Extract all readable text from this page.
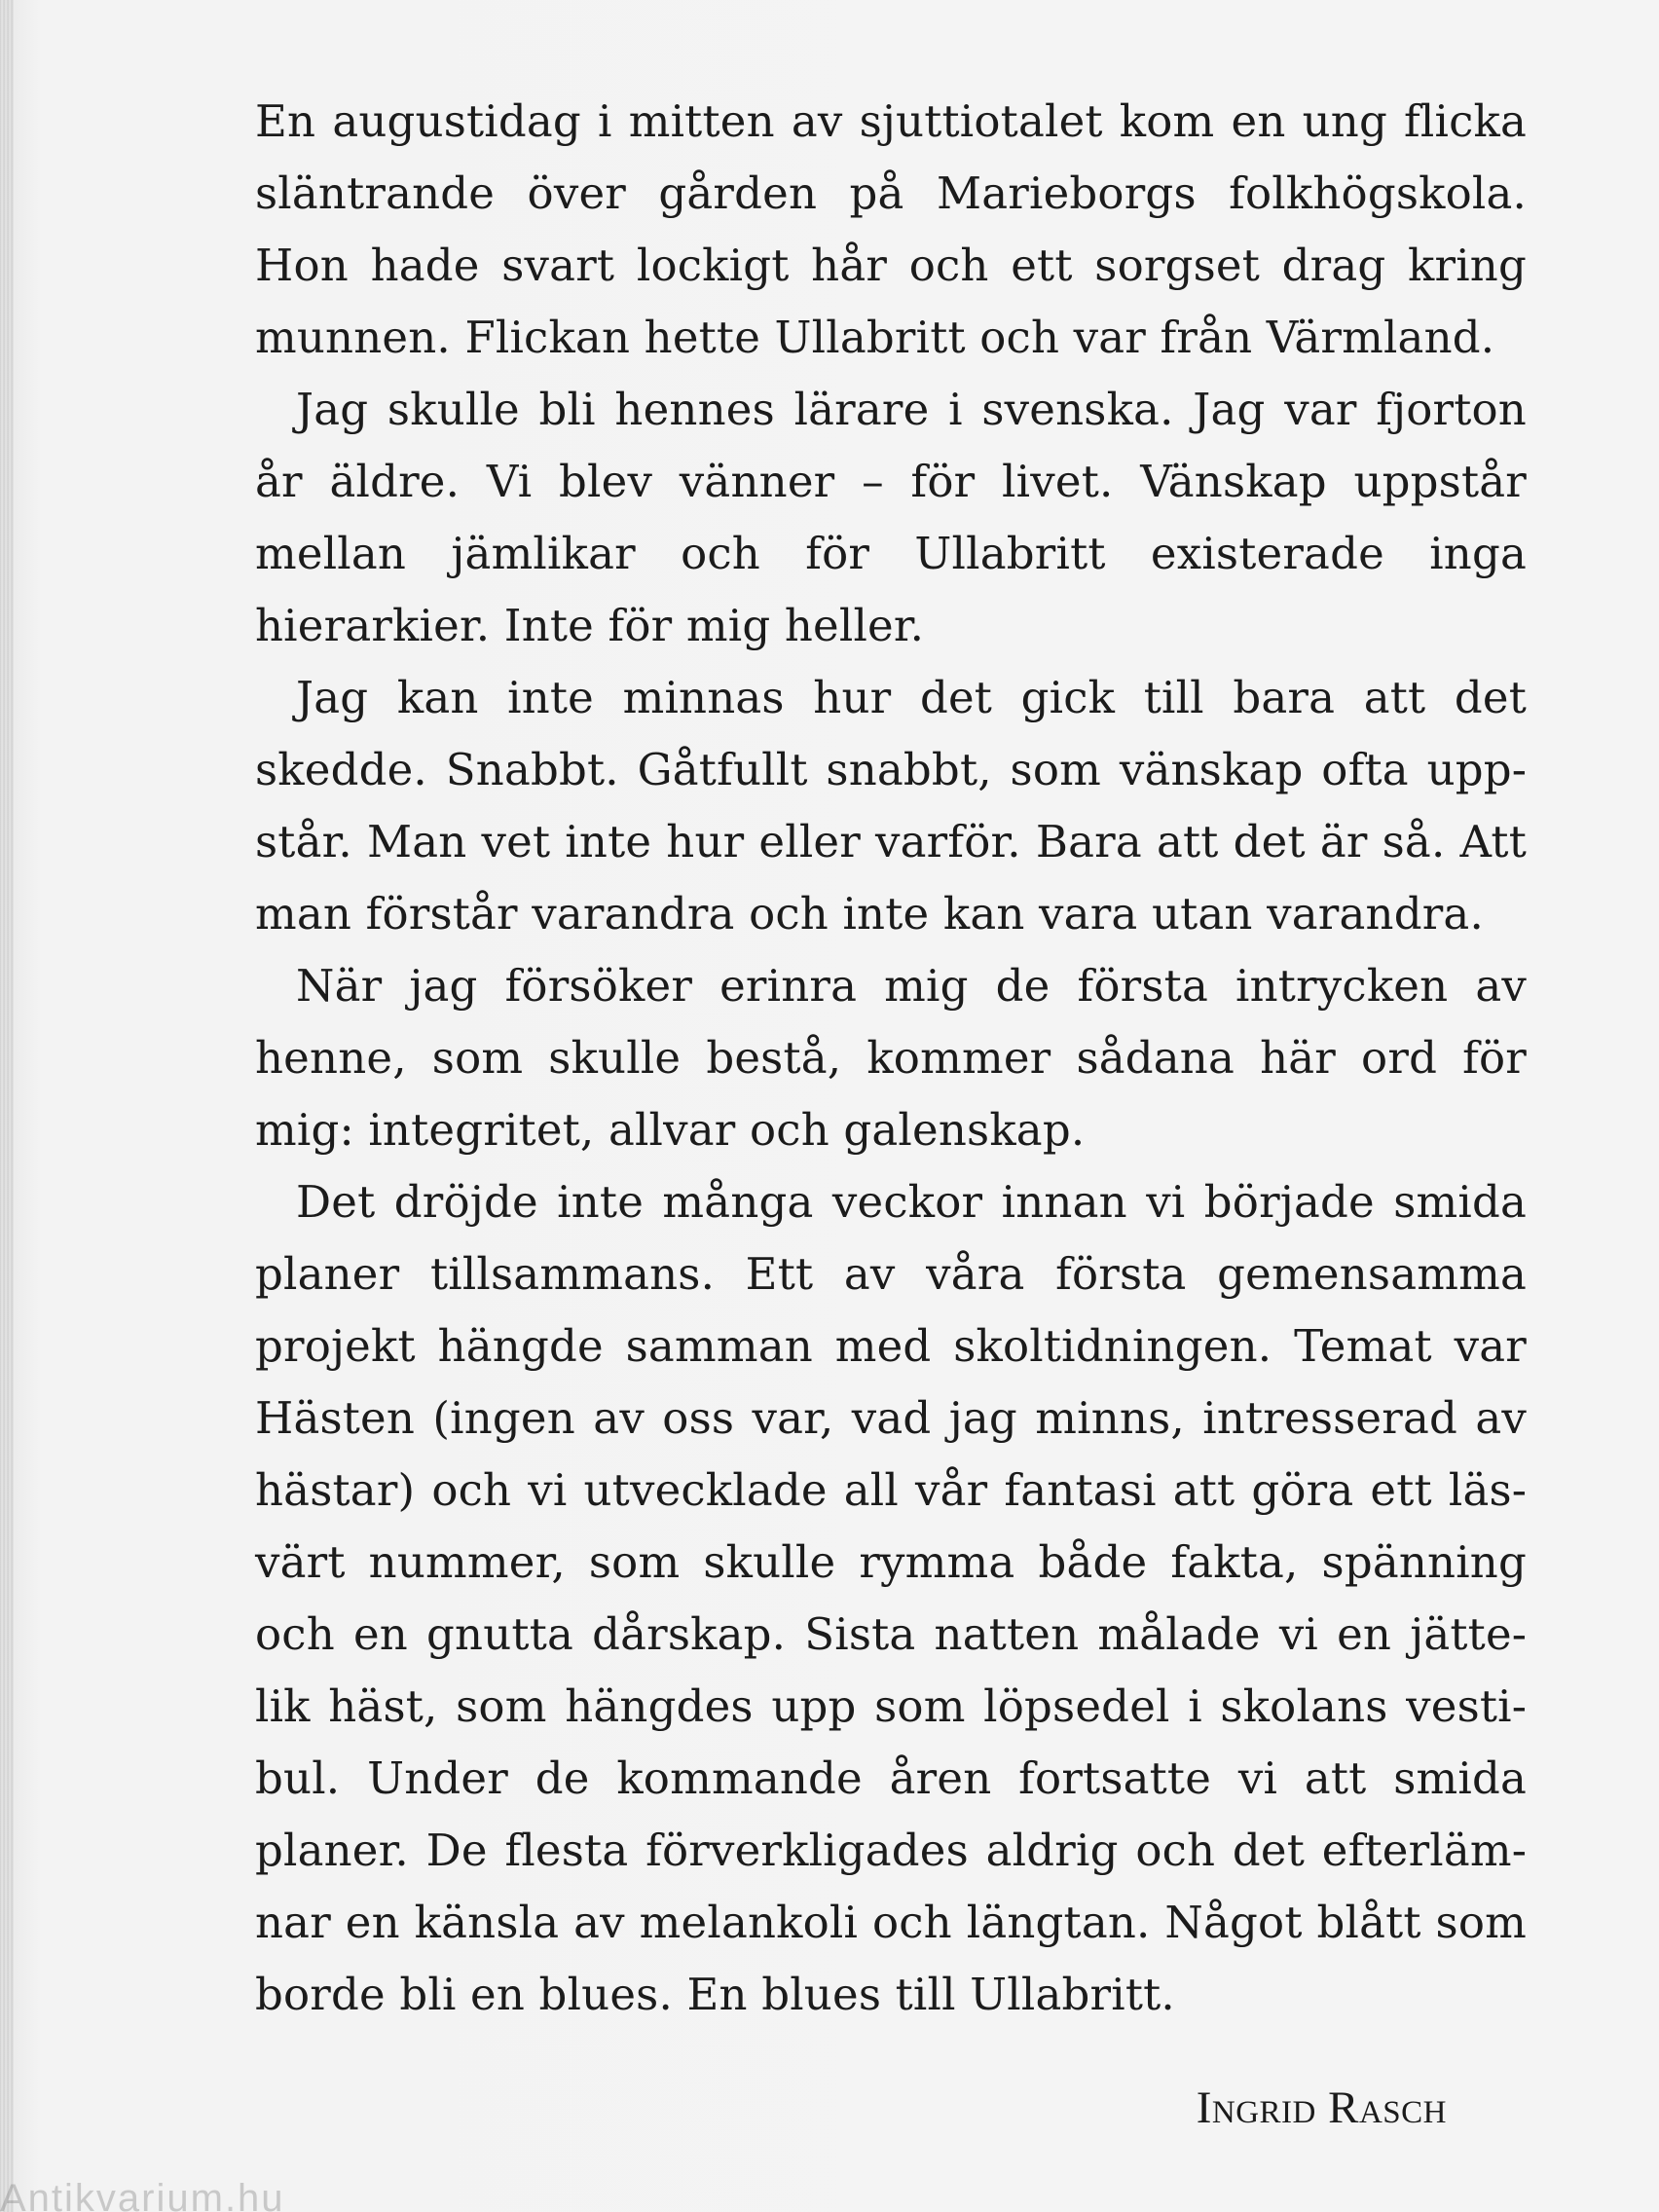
En augustidag i mitten av sjuttiotalet kom en ung flicka släntrande över gården på Marieborgs folkhögskola. Hon hade svart lockigt hår och ett sorgset drag kring munnen. Flickan hette Ullabritt och var från Värmland.

Jag skulle bli hennes lärare i svenska. Jag var fjorton år äldre. Vi blev vänner – för livet. Vänskap uppstår mellan jämlikar och för Ullabritt existerade inga hierarkier. Inte för mig heller.

Jag kan inte minnas hur det gick till bara att det skedde. Snabbt. Gåtfullt snabbt, som vänskap ofta uppstår. Man vet inte hur eller varför. Bara att det är så. Att man förstår varandra och inte kan vara utan varandra.

När jag försöker erinra mig de första intrycken av henne, som skulle bestå, kommer sådana här ord för mig: integritet, allvar och galenskap.

Det dröjde inte många veckor innan vi började smida planer tillsammans. Ett av våra första gemensamma projekt hängde samman med skoltidningen. Temat var Hästen (ingen av oss var, vad jag minns, intresserad av hästar) och vi utvecklade all vår fantasi att göra ett läsvärt nummer, som skulle rymma både fakta, spänning och en gnutta dårskap. Sista natten målade vi en jättelik häst, som hängdes upp som löpsedel i skolans vestibul. Under de kommande åren fortsatte vi att smida planer. De flesta förverkligades aldrig och det efterlämnar en känsla av melankoli och längtan. Något blått som borde bli en blues. En blues till Ullabritt.

Ingrid Rasch
Antikvarium.hu
